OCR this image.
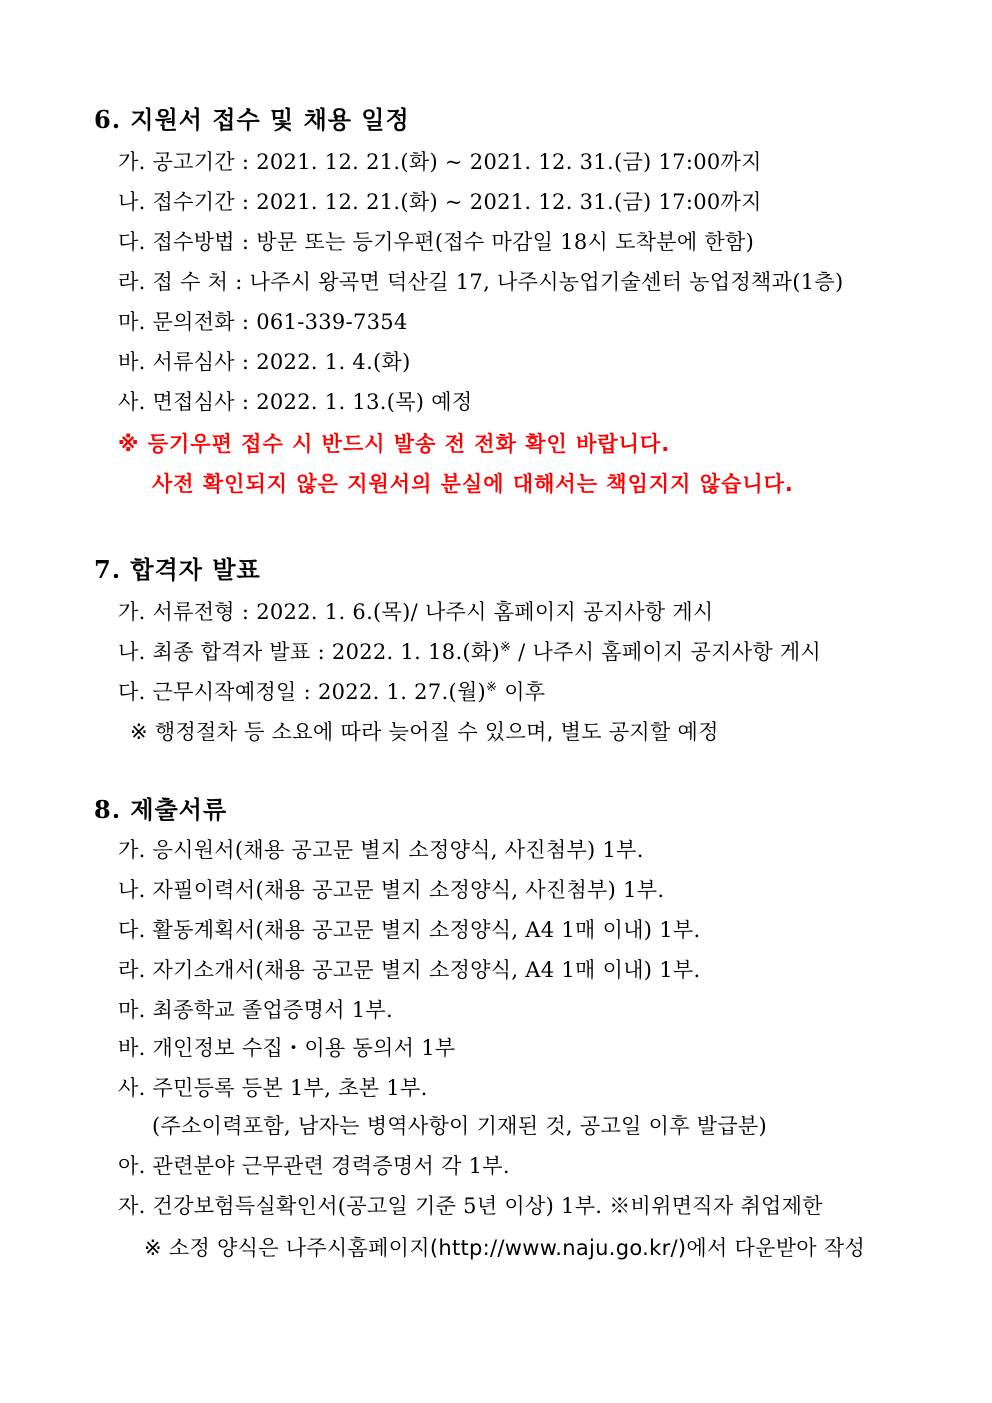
6. 지원서 접수 및 채용 일정
가. 공고기간 : 2021. 12. 21.(화) ~ 2021. 12. 31.(금) 17:00까지
나. 접수기간 : 2021. 12. 21.(화) ~ 2021. 12. 31.(금) 17:00까지
다. 접수방법 : 방문 또는 등기우편(접수 마감일 18시 도착분에 한함)
라. 접 수 처 : 나주시 왕곡면 덕산길 17, 나주시농업기술센터 농업정책과(1층)
마. 문의전화 : 061-339-7354
바. 서류심사 : 2022. 1. 4.(화)
사. 면접심사 : 2022. 1. 13.(목) 예정
※ 등기우편 접수 시 반드시 발송 전 전화 확인 바랍니다.
사전 확인되지 않은 지원서의 분실에 대해서는 책임지지 않습니다.
7. 합격자 발표
가. 서류전형 : 2022. 1. 6.(목)/ 나주시 홈페이지 공지사항 게시
나. 최종 합격자 발표 : 2022. 1. 18.(화)※ / 나주시 홈페이지 공지사항 게시
다. 근무시작예정일 : 2022. 1. 27.(월)※ 이후
※ 행정절차 등 소요에 따라 늦어질 수 있으며, 별도 공지할 예정
8. 제출서류
가. 응시원서(채용 공고문 별지 소정양식, 사진첨부) 1부.
나. 자필이력서(채용 공고문 별지 소정양식, 사진첨부) 1부.
다. 활동계획서(채용 공고문 별지 소정양식, A4 1매 이내) 1부.
라. 자기소개서(채용 공고문 별지 소정양식, A4 1매 이내) 1부.
마. 최종학교 졸업증명서 1부.
바. 개인정보 수집・이용 동의서 1부
사. 주민등록 등본 1부, 초본 1부.
(주소이력포함, 남자는 병역사항이 기재된 것, 공고일 이후 발급분)
아. 관련분야 근무관련 경력증명서 각 1부.
자. 건강보험득실확인서(공고일 기준 5년 이상) 1부. ※비위면직자 취업제한
※ 소정 양식은 나주시홈페이지(http://www.naju.go.kr/)에서 다운받아 작성
